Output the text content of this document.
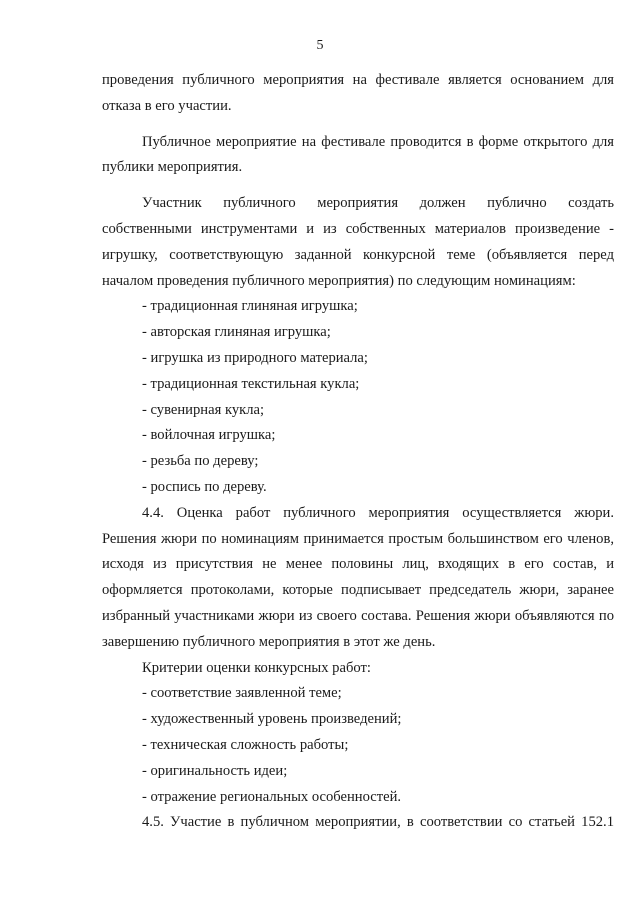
5

проведения публичного мероприятия на фестивале является основанием для отказа в его участии.

Публичное мероприятие на фестивале проводится в форме открытого для публики мероприятия.

Участник публичного мероприятия должен публично создать собственными инструментами и из собственных материалов произведение - игрушку, соответствующую заданной конкурсной теме (объявляется перед началом проведения публичного мероприятия) по следующим номинациям:

- традиционная глиняная игрушка;

- авторская глиняная игрушка;

- игрушка из природного материала;

- традиционная текстильная кукла;

- сувенирная кукла;

- войлочная игрушка;

- резьба по дереву;

- роспись по дереву.

4.4. Оценка работ публичного мероприятия осуществляется жюри. Решения жюри по номинациям принимается простым большинством его членов, исходя из присутствия не менее половины лиц, входящих в его состав, и оформляется протоколами, которые подписывает председатель жюри, заранее избранный участниками жюри из своего состава. Решения жюри объявляются по завершению публичного мероприятия в этот же день.

Критерии оценки конкурсных работ:

- соответствие заявленной теме;

- художественный уровень произведений;

- техническая сложность работы;

- оригинальность идеи;

- отражение региональных особенностей.

4.5. Участие в публичном мероприятии, в соответствии со статьей 152.1
